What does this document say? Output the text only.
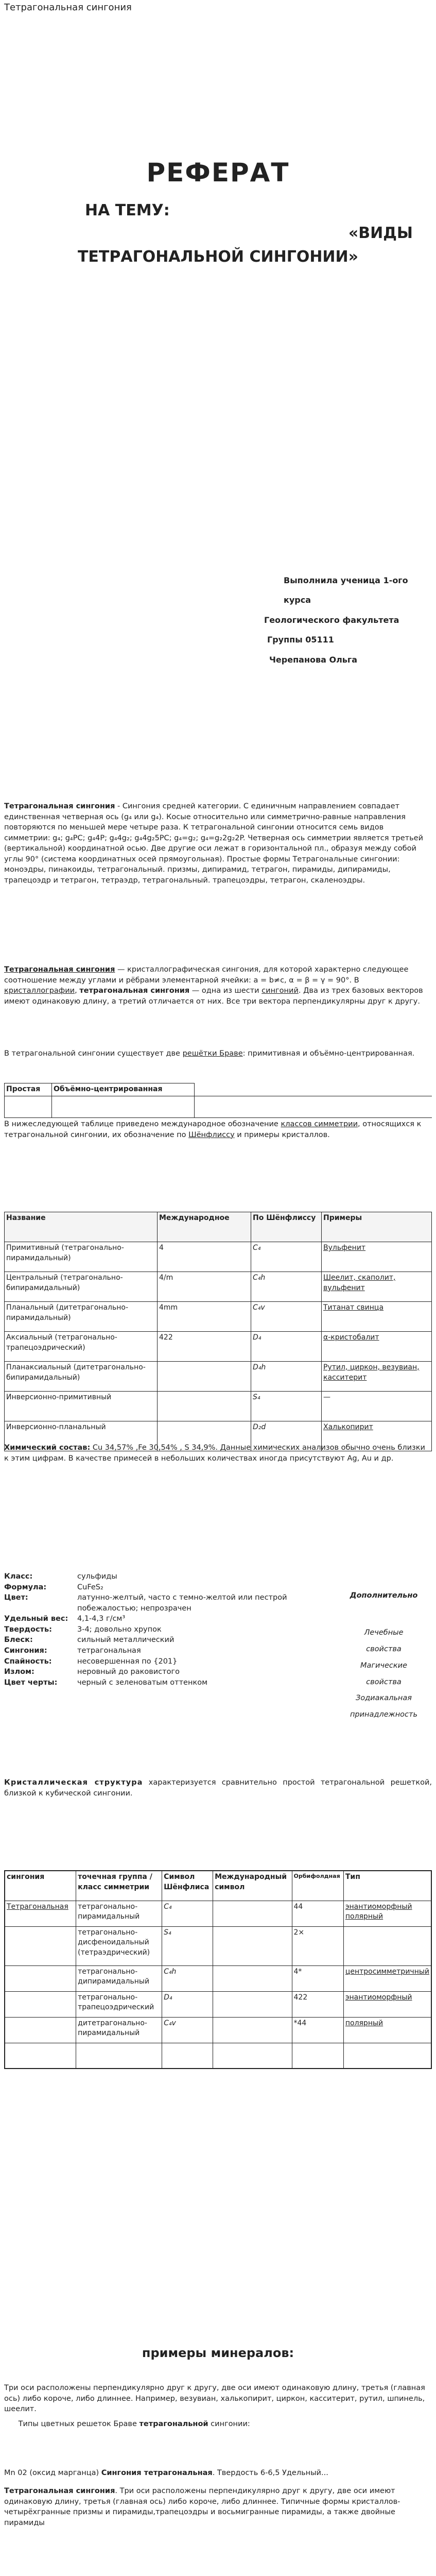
Тетрагональная сингония
РЕФЕРАТ
НА ТЕМУ:
«ВИДЫ
ТЕТРАГОНАЛЬНОЙ СИНГОНИИ»
Выполнила ученица 1-ого курса
Геологического факультета
Группы 05111
Черепанова Ольга

Тетрагональная сингония - Сингония средней категории. С единичным направлением совпадает единственная четверная ось (g₄ или g₄). Косые относительно или симметрично-равные направления повторяются по меньшей мере четыре раза. К тетрагональной сингонии относится семь видов симметрии: g₄; g₄PC; g₄4P; g₄4g₂; g₄4g₂5PC; g₄=g₂; g₄=g₂2g₂2P. Четверная ось симметрии является третьей (вертикальной) координатной осью. Две другие оси лежат в горизонтальной пл., образуя между собой углы 90° (система координатных осей прямоугольная). Простые формы Тетрагональные сингонии: моноэдры, пинакоиды, тетрагональный. призмы, дипирамид, тетрагон, пирамиды, дипирамиды, трапецоэдр и тетрагон, тетраэдр, тетрагональный. трапецоэдры, тетрагон, скаленоэдры.

Тетрагональная сингония — кристаллографическая сингония, для которой характерно следующее соотношение между углами и рёбрами элементарной ячейки: a = b≠c, α = β = γ = 90°. В кристаллографии, тетрагональная сингония — одна из шести сингоний. Два из трех базовых векторов имеют одинаковую длину, а третий отличается от них. Все три вектора перпендикулярны друг к другу.

В тетрагональной сингонии существует две решётки Браве: примитивная и объёмно-центрированная.

Простая	Объёмно-центрированная	

В нижеследующей таблице приведено международное обозначение классов симметрии, относящихся к тетрагональной сингонии, их обозначение по Шёнфлиссу и примеры кристаллов.

Название	Международное	По Шёнфлиссу	Примеры
Примитивный (тетрагонально-пирамидальный)	4	C₄	Вульфенит
Центральный (тетрагонально-бипирамидальный)	4/m	C₄h	Шеелит, скаполит, вульфенит
Планальный (дитетрагонально-пирамидальный)	4mm	C₄v	Титанат свинца
Аксиальный (тетрагонально-трапецоэдрический)	422	D₄	α-кристобалит
Планаксиальный (дитетрагонально-бипирамидальный)		D₄h	Рутил, циркон, везувиан, касситерит
Инверсионно-примитивный		S₄	—
Инверсионно-планальный		D₂d	Халькопирит

Химический состав: Cu 34,57% ,Fe 30,54% , S 34,9%. Данные химических анализов обычно очень близки к этим цифрам. В качестве примесей в небольших количествах иногда присутствуют Ag, Au и др.

Класс:	сульфиды
Формула:	CuFeS₂
Цвет:	латунно-желтый, часто с темно-желтой или пестрой побежалостью; непрозрачен
Удельный вес:	4,1-4,3 г/см³
Твердость:	3-4; довольно хрупок
Блеск:	сильный металлический
Сингония:	тетрагональная
Спайность:	несовершенная по {201}
Излом:	неровный до раковистого
Цвет черты:	черный с зеленоватым оттенком
Дополнительно
Лечебные
свойства
Магические
свойства
Зодиакальная
принадлежность

Кристаллическая структура характеризуется сравнительно простой тетрагональной решеткой, близкой к кубической сингонии.

сингония	точечная группа / класс симметрии	Символ Шёнфлиса	Международный символ	Орбифолдная	Тип
Тетрагональная	тетрагонально-пирамидальный	C₄		44	энантиоморфный полярный
	тетрагонально-дисфеноидальный (тетраэдрический)	S₄		2×	
	тетрагонально-дипирамидальный	C₄h		4*	центросимметричный
	тетрагонально-трапецоэдрический	D₄		422	энантиоморфный
	дитетрагонально-пирамидальный	C₄v		*44	полярный

примеры минералов:

Три оси расположены перпендикулярно друг к другу, две оси имеют одинаковую длину, третья (главная ось) либо короче, либо длиннее. Например, везувиан, халькопирит, циркон, касситерит, рутил, шпинель, шеелит.

Типы цветных решеток Браве тетрагональной сингонии:

Mn 02 (оксид марганца) Сингония тетрагональная. Твердость 6-6,5 Удельный...

Тетрагональная сингония. Три оси расположены перпендикулярно друг к другу, две оси имеют одинаковую длину, третья (главная ось) либо короче, либо длиннее. Типичные формы кристаллов-четырёхгранные призмы и пирамиды,трапецоэдры и восьмигранные пирамиды, а также двойные пирамиды
